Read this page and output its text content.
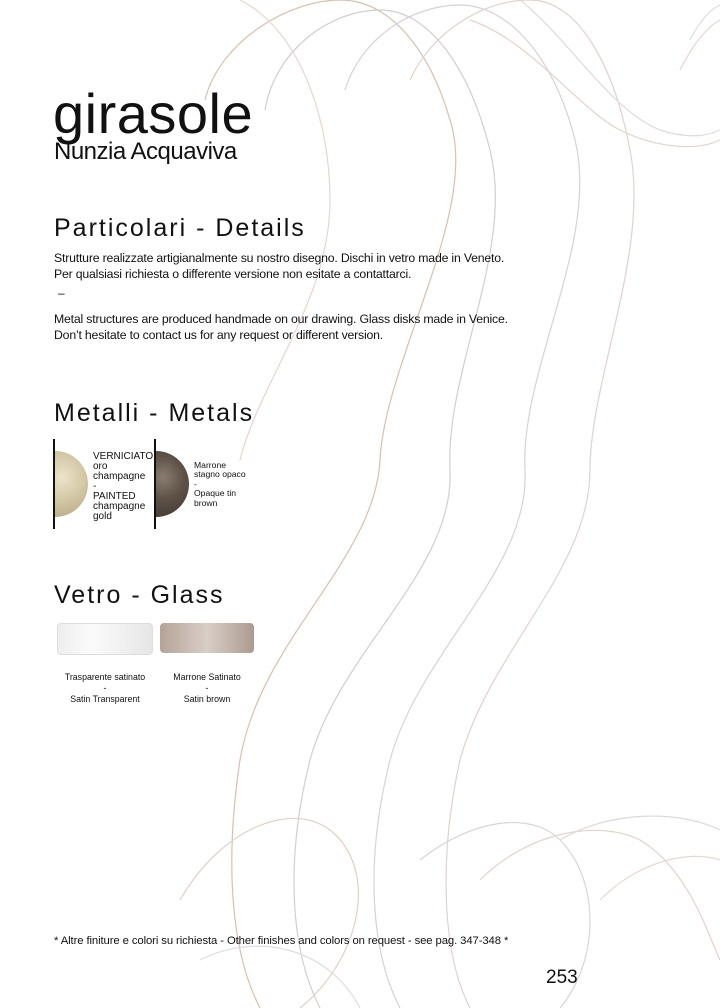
girasole
Nunzia Acquaviva
Particolari - Details

Strutture realizzate artigianalmente su nostro disegno. Dischi in vetro made in Veneto.

Per qualsiasi richiesta o differente versione non esitate a contattarci.

–

Metal structures are produced handmade on our drawing. Glass disks made in Venice.

Don’t hesitate to contact us for any request or different version.

Metalli - Metals
VERNICIATO
oro
champagne
-
PAINTED
champagne
gold
Marrone
stagno opaco
-
Opaque tin
brown
Vetro - Glass
Trasparente satinato
-
Satin Transparent
Marrone Satinato
-
Satin brown
* Altre finiture e colori su richiesta - Other finishes and colors on request - see pag. 347-348 *
253
